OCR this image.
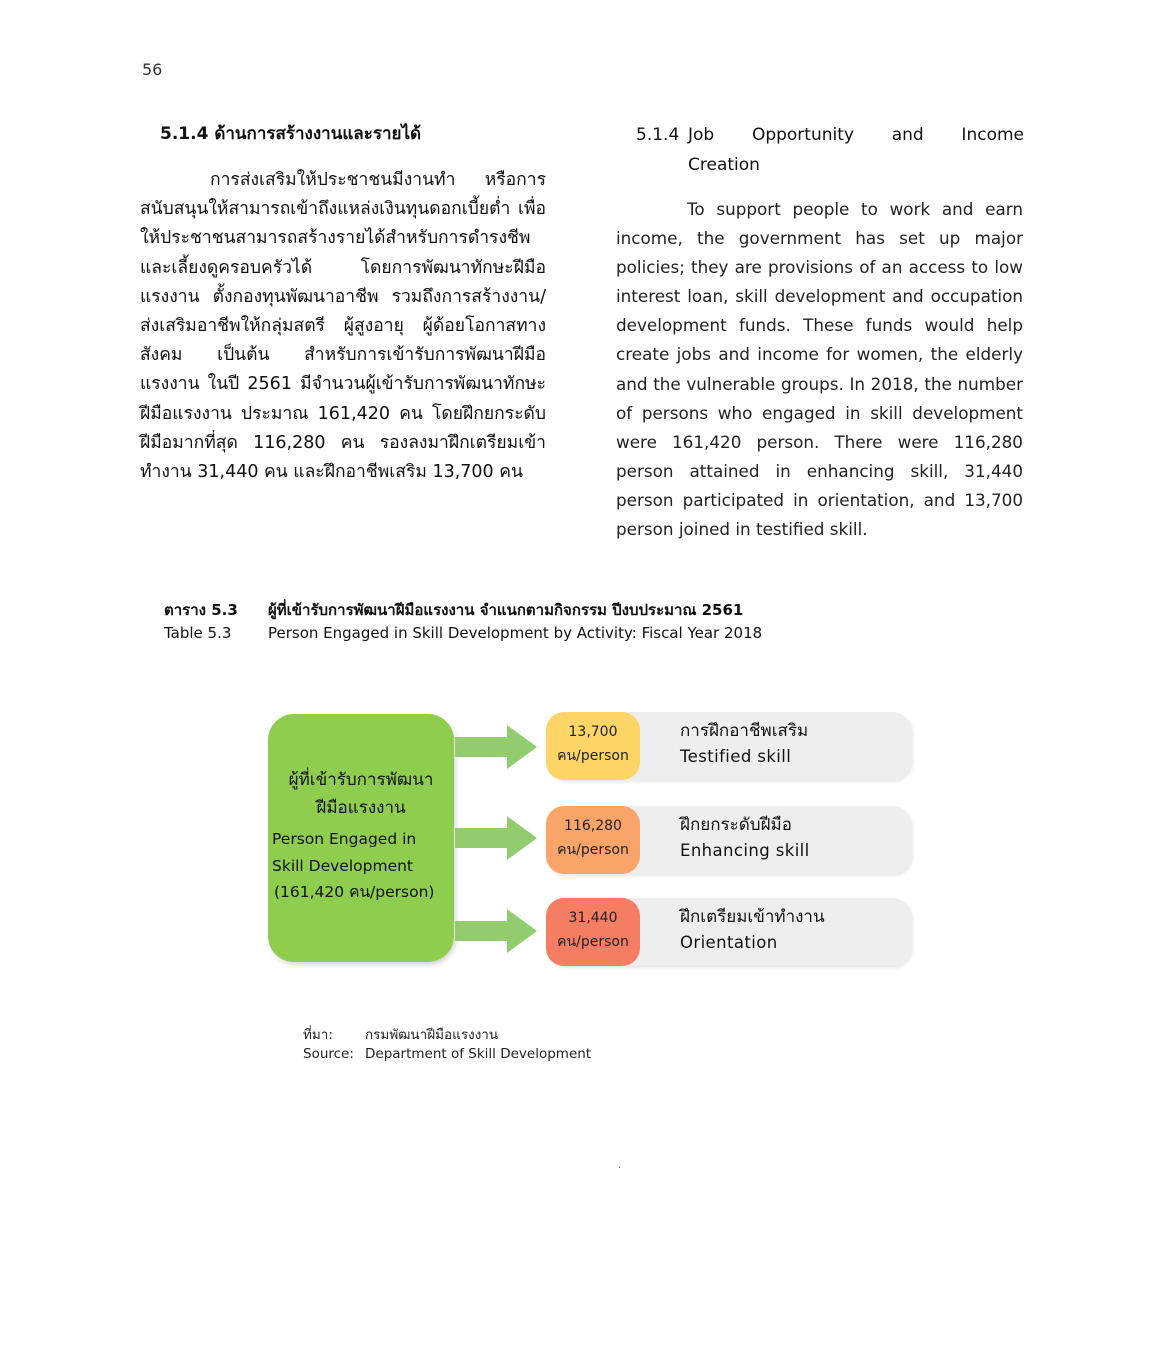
56
5.1.4 ด้านการสร้างงานและรายได้
การส่งเสริมให้ประชาชนมีงานทำ หรือการสนับสนุนให้สามารถเข้าถึงแหล่งเงินทุนดอกเบี้ยต่ำ เพื่อให้ประชาชนสามารถสร้างรายได้สำหรับการดำรงชีพและเลี้ยงดูครอบครัวได้ โดยการพัฒนาทักษะฝีมือแรงงาน ตั้งกองทุนพัฒนาอาชีพ รวมถึงการสร้างงาน/ส่งเสริมอาชีพให้กลุ่มสตรี ผู้สูงอายุ ผู้ด้อยโอกาสทางสังคม เป็นต้น สำหรับการเข้ารับการพัฒนาฝีมือแรงงาน ในปี 2561 มีจำนวนผู้เข้ารับการพัฒนาทักษะฝีมือแรงงาน ประมาณ 161,420 คน โดยฝึกยกระดับฝีมือมากที่สุด 116,280 คน รองลงมาฝึกเตรียมเข้าทำงาน 31,440 คน และฝึกอาชีพเสริม 13,700 คน
5.1.4 Job Opportunity and Income
Creation
To support people to work and earn income, the government has set up major policies; they are provisions of an access to low interest loan, skill development and occupation development funds. These funds would help create jobs and income for women, the elderly and the vulnerable groups. In 2018, the number of persons who engaged in skill development were 161,420 person. There were 116,280 person attained in enhancing skill, 31,440 person participated in orientation, and 13,700 person joined in testified skill.
ตาราง 5.3 ผู้ที่เข้ารับการพัฒนาฝีมือแรงงาน จำแนกตามกิจกรรม ปีงบประมาณ 2561
Table 5.3 Person Engaged in Skill Development by Activity: Fiscal Year 2018
ผู้ที่เข้ารับการพัฒนา
ฝีมือแรงงาน
Person Engaged in
Skill Development
(161,420 คน/person)
13,700
คน/person
การฝึกอาชีพเสริม
Testified skill
116,280
คน/person
ฝึกยกระดับฝีมือ
Enhancing skill
31,440
คน/person
ฝึกเตรียมเข้าทำงาน
Orientation
ที่มา: กรมพัฒนาฝีมือแรงงาน
Source: Department of Skill Development
.
